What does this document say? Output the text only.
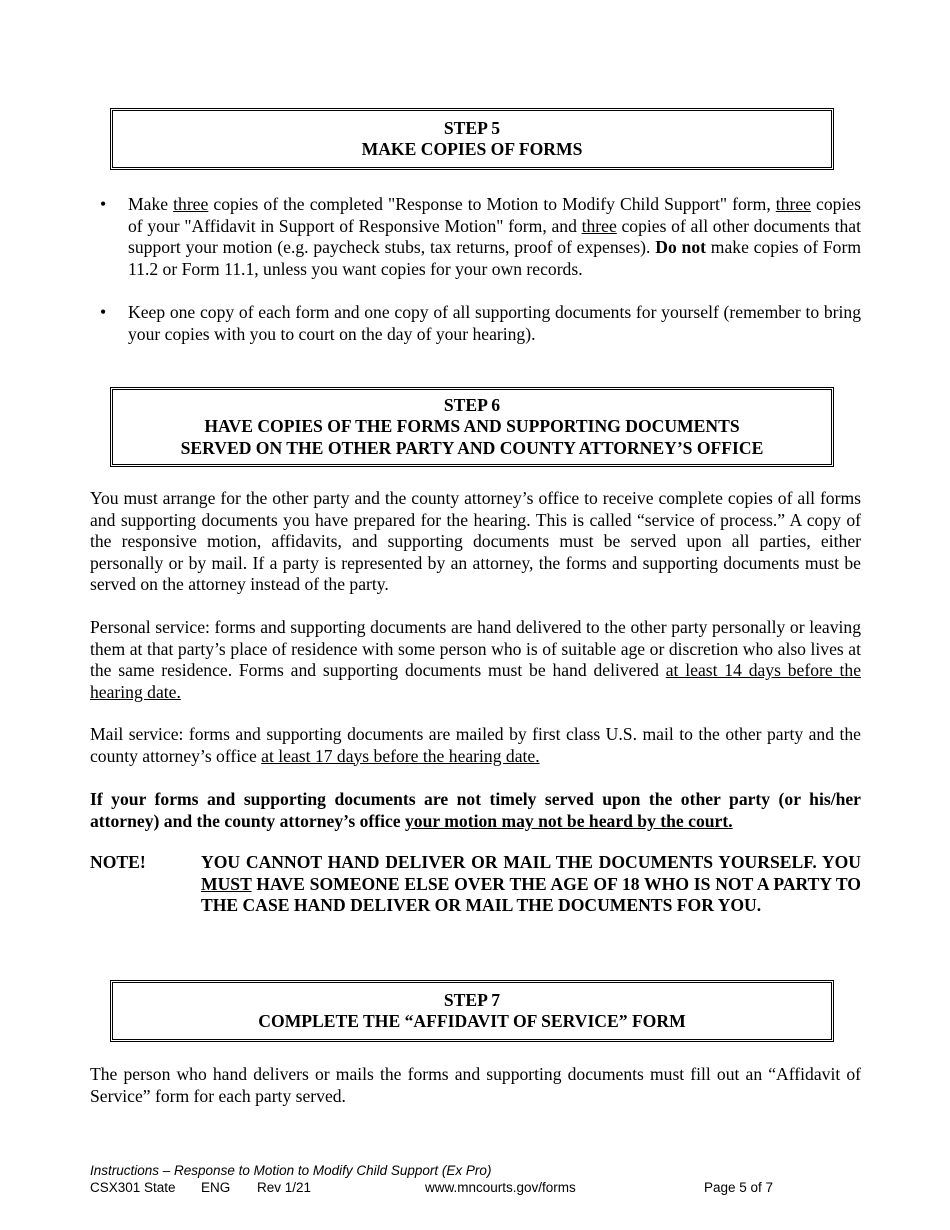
STEP 5
MAKE COPIES OF FORMS
•	Make three copies of the completed "Response to Motion to Modify Child Support" form, three copies of your "Affidavit in Support of Responsive Motion" form, and three copies of all other documents that support your motion (e.g. paycheck stubs, tax returns, proof of expenses). Do not make copies of Form 11.2 or Form 11.1, unless you want copies for your own records.
•	Keep one copy of each form and one copy of all supporting documents for yourself (remember to bring your copies with you to court on the day of your hearing).
STEP 6
HAVE COPIES OF THE FORMS AND SUPPORTING DOCUMENTS
SERVED ON THE OTHER PARTY AND COUNTY ATTORNEY’S OFFICE
You must arrange for the other party and the county attorney’s office to receive complete copies of all forms and supporting documents you have prepared for the hearing. This is called “service of process.” A copy of the responsive motion, affidavits, and supporting documents must be served upon all parties, either personally or by mail. If a party is represented by an attorney, the forms and supporting documents must be served on the attorney instead of the party.
Personal service: forms and supporting documents are hand delivered to the other party personally or leaving them at that party’s place of residence with some person who is of suitable age or discretion who also lives at the same residence. Forms and supporting documents must be hand delivered at least 14 days before the hearing date.
Mail service: forms and supporting documents are mailed by first class U.S. mail to the other party and the county attorney’s office at least 17 days before the hearing date.
If your forms and supporting documents are not timely served upon the other party (or his/her attorney) and the county attorney’s office your motion may not be heard by the court.
NOTE!	YOU CANNOT HAND DELIVER OR MAIL THE DOCUMENTS YOURSELF. YOU MUST HAVE SOMEONE ELSE OVER THE AGE OF 18 WHO IS NOT A PARTY TO THE CASE HAND DELIVER OR MAIL THE DOCUMENTS FOR YOU.
STEP 7
COMPLETE THE “AFFIDAVIT OF SERVICE” FORM
The person who hand delivers or mails the forms and supporting documents must fill out an “Affidavit of Service” form for each party served.
Instructions – Response to Motion to Modify Child Support (Ex Pro)
CSX301 State ENG Rev 1/21	www.mncourts.gov/forms	Page 5 of 7
